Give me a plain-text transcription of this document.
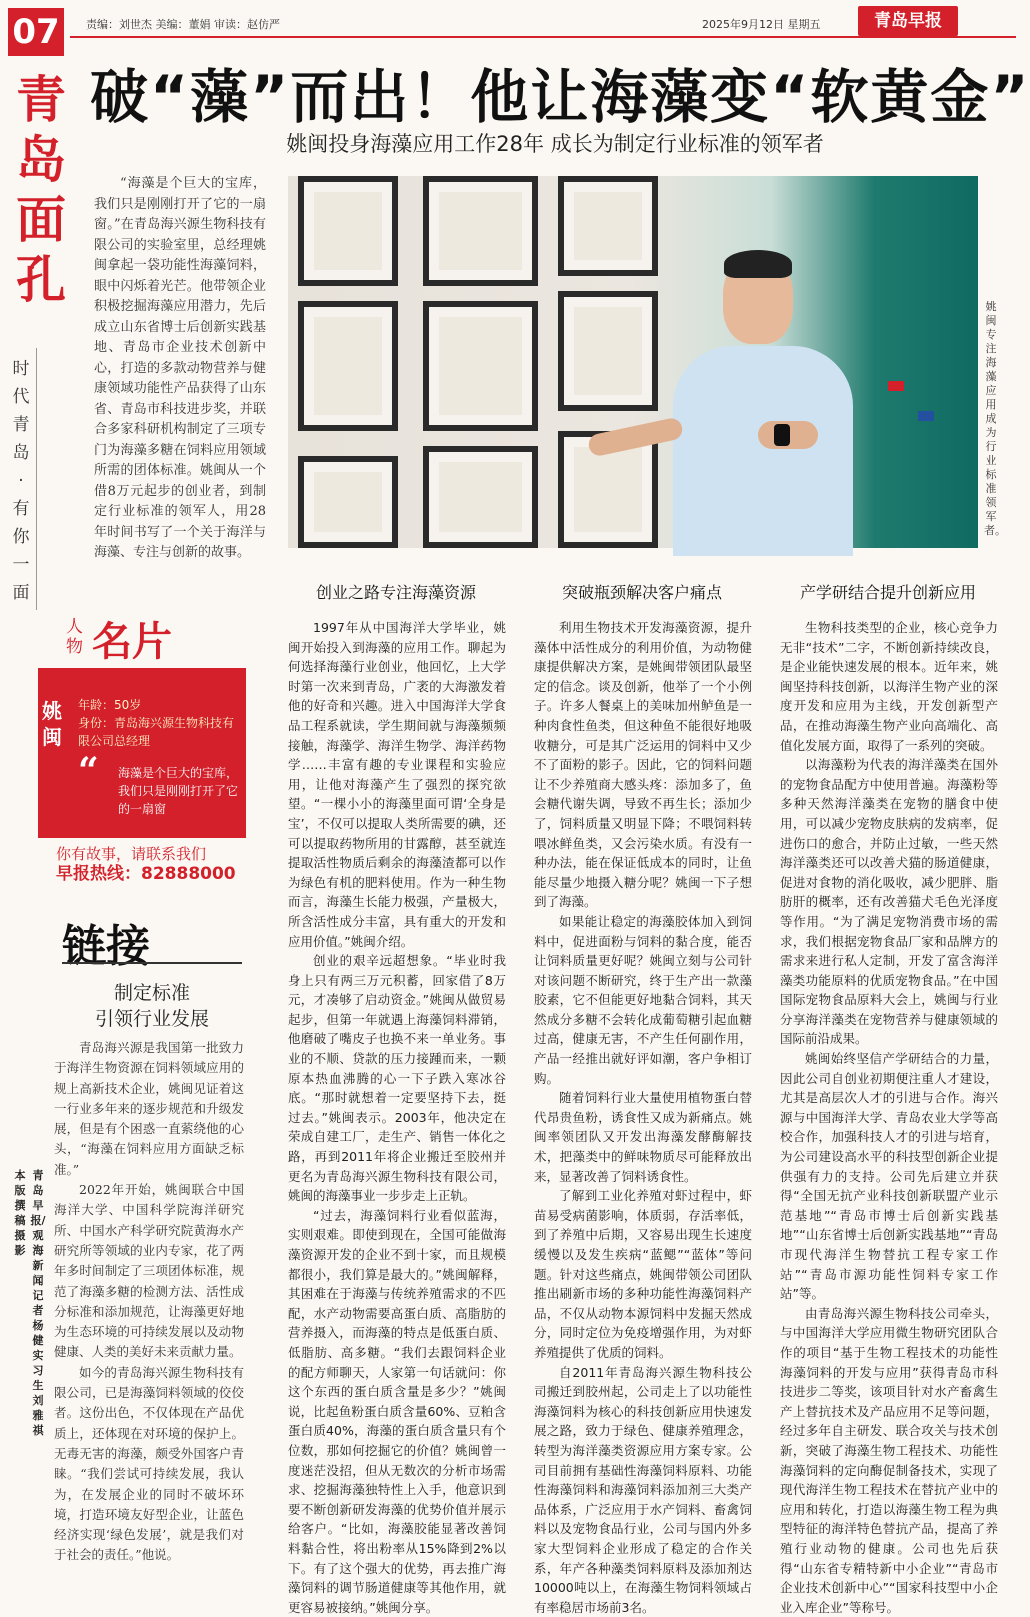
07	责编：刘世杰 美编：董娟 审读：赵仿严	2025年9月12日 星期五	青岛早报
青
岛
面
孔
时
代
青
岛
·
有
你
一
面
破“藻”而出！他让海藻变“软黄金”
姚闽投身海藻应用工作28年 成长为制定行业标准的领军者

“海藻是个巨大的宝库，我们只是刚刚打开了它的一扇窗。”在青岛海兴源生物科技有限公司的实验室里，总经理姚闽拿起一袋功能性海藻饲料，眼中闪烁着光芒。他带领企业积极挖掘海藻应用潜力，先后成立山东省博士后创新实践基地、青岛市企业技术创新中心，打造的多款动物营养与健康领域功能性产品获得了山东省、青岛市科技进步奖，并联合多家科研机构制定了三项专门为海藻多糖在饲料应用领域所需的团体标准。姚闽从一个借8万元起步的创业者，到制定行业标准的领军人，用28年时间书写了一个关于海洋与海藻、专注与创新的故事。

姚闽专注海藻应用成为行业标准领军者。
创业之路专注海藻资源	突破瓶颈解决客户痛点	产学研结合提升创新应用

1997年从中国海洋大学毕业，姚闽开始投入到海藻的应用工作。聊起为何选择海藻行业创业，他回忆，上大学时第一次来到青岛，广袤的大海激发着他的好奇和兴趣。进入中国海洋大学食品工程系就读，学生期间就与海藻频频接触，海藻学、海洋生物学、海洋药物学……丰富有趣的专业课程和实验应用，让他对海藻产生了强烈的探究欲望。“一棵小小的海藻里面可谓‘全身是宝’，不仅可以提取人类所需要的碘，还可以提取药物所用的甘露醇，甚至就连提取活性物质后剩余的海藻渣都可以作为绿色有机的肥料使用。作为一种生物而言，海藻生长能力极强，产量极大，所含活性成分丰富，具有重大的开发和应用价值。”姚闽介绍。

创业的艰辛远超想象。“毕业时我身上只有两三万元积蓄，回家借了8万元，才凑够了启动资金。”姚闽从做贸易起步，但第一年就遇上海藻饲料滞销，他磨破了嘴皮子也换不来一单业务。事业的不顺、贷款的压力接踵而来，一颗原本热血沸腾的心一下子跌入寒冰谷底。“那时就想着一定要坚持下去，挺过去。”姚闽表示。2003年，他决定在荣成自建工厂，走生产、销售一体化之路，再到2011年将企业搬迁至胶州并更名为青岛海兴源生物科技有限公司，姚闽的海藻事业一步步走上正轨。

“过去，海藻饲料行业看似蓝海，实则艰难。即使到现在，全国可能做海藻资源开发的企业不到十家，而且规模都很小，我们算是最大的。”姚闽解释，其困难在于海藻与传统养殖需求的不匹配，水产动物需要高蛋白质、高脂肪的营养摄入，而海藻的特点是低蛋白质、低脂肪、高多糖。“我们去跟饲料企业的配方师聊天，人家第一句话就问：你这个东西的蛋白质含量是多少？”姚闽说，比起鱼粉蛋白质含量60%、豆粕含蛋白质40%，海藻的蛋白质含量只有个位数，那如何挖掘它的价值？姚闽曾一度迷茫没招，但从无数次的分析市场需求、挖掘海藻独特性上入手，他意识到要不断创新研发海藻的优势价值并展示给客户。“比如，海藻胶能显著改善饲料黏合性，将出粉率从15%降到2%以下。有了这个强大的优势，再去推广海藻饲料的调节肠道健康等其他作用，就更容易被接纳。”姚闽分享。

利用生物技术开发海藻资源，提升藻体中活性成分的利用价值，为动物健康提供解决方案，是姚闽带领团队最坚定的信念。谈及创新，他举了一个小例子。许多人餐桌上的美味加州鲈鱼是一种肉食性鱼类，但这种鱼不能很好地吸收糖分，可是其广泛运用的饲料中又少不了面粉的影子。因此，它的饲料问题让不少养殖商大感头疼：添加多了，鱼会糖代谢失调，导致不再生长；添加少了，饲料质量又明显下降；不喂饲料转喂冰鲜鱼类，又会污染水质。有没有一种办法，能在保证低成本的同时，让鱼能尽量少地摄入糖分呢？姚闽一下子想到了海藻。

如果能让稳定的海藻胶体加入到饲料中，促进面粉与饲料的黏合度，能否让饲料质量更好呢？姚闽立刻与公司针对该问题不断研究，终于生产出一款藻胶素，它不但能更好地黏合饲料，其天然成分多糖不会转化成葡萄糖引起血糖过高，健康无害，不产生任何副作用，产品一经推出就好评如潮，客户争相订购。

随着饲料行业大量使用植物蛋白替代昂贵鱼粉，诱食性又成为新痛点。姚闽率领团队又开发出海藻发酵酶解技术，把藻类中的鲜味物质尽可能释放出来，显著改善了饲料诱食性。

了解到工业化养殖对虾过程中，虾苗易受病菌影响，体质弱，存活率低，到了养殖中后期，又容易出现生长速度缓慢以及发生疾病“蓝鳃”“蓝体”等问题。针对这些痛点，姚闽带领公司团队推出刷新市场的多种功能性海藻饲料产品，不仅从动物本源饲料中发掘天然成分，同时定位为免疫增强作用，为对虾养殖提供了优质的饲料。

自2011年青岛海兴源生物科技公司搬迁到胶州起，公司走上了以功能性海藻饲料为核心的科技创新应用快速发展之路，致力于绿色、健康养殖理念，转型为海洋藻类资源应用方案专家。公司目前拥有基础性海藻饲料原料、功能性海藻饲料和海藻饲料添加剂三大类产品体系，广泛应用于水产饲料、畜禽饲料以及宠物食品行业，公司与国内外多家大型饲料企业形成了稳定的合作关系，年产各种藻类饲料原料及添加剂达10000吨以上，在海藻生物饲料领域占有率稳居市场前3名。

生物科技类型的企业，核心竞争力无非“技术”二字，不断创新持续改良，是企业能快速发展的根本。近年来，姚闽坚持科技创新，以海洋生物产业的深度开发和应用为主线，开发创新型产品，在推动海藻生物产业向高端化、高值化发展方面，取得了一系列的突破。

以海藻粉为代表的海洋藻类在国外的宠物食品配方中使用普遍。海藻粉等多种天然海洋藻类在宠物的膳食中使用，可以减少宠物皮肤病的发病率，促进伤口的愈合，并防止过敏，一些天然海洋藻类还可以改善犬猫的肠道健康，促进对食物的消化吸收，减少肥胖、脂肪肝的概率，还有改善猫犬毛色光泽度等作用。“为了满足宠物消费市场的需求，我们根据宠物食品厂家和品牌方的需求来进行私人定制，开发了富含海洋藻类功能原料的优质宠物食品。”在中国国际宠物食品原料大会上，姚闽与行业分享海洋藻类在宠物营养与健康领域的国际前沿成果。

姚闽始终坚信产学研结合的力量，因此公司自创业初期便注重人才建设，尤其是高层次人才的引进与合作。海兴源与中国海洋大学、青岛农业大学等高校合作，加强科技人才的引进与培育，为公司建设高水平的科技型创新企业提供强有力的支持。公司先后建立并获得“全国无抗产业科技创新联盟产业示范基地”“青岛市博士后创新实践基地”“山东省博士后创新实践基地”“青岛市现代海洋生物替抗工程专家工作站”“青岛市源功能性饲料专家工作站”等。

由青岛海兴源生物科技公司牵头，与中国海洋大学应用微生物研究团队合作的项目“基于生物工程技术的功能性海藻饲料的开发与应用”获得青岛市科技进步二等奖，该项目针对水产畜禽生产上替抗技术及产品应用不足等问题，经过多年自主研发、联合攻关与技术创新，突破了海藻生物工程技术、功能性海藻饲料的定向酶促制备技术，实现了现代海洋生物工程技术在替抗产业中的应用和转化，打造以海藻生物工程为典型特征的海洋特色替抗产品，提高了养殖行业动物的健康。公司也先后获得“山东省专精特新中小企业”“青岛市企业技术创新中心”“国家科技型中小企业入库企业”等称号。

人物 名片
姚闽
年龄：50岁
身份：青岛海兴源生物科技有限公司总经理
“ 海藻是个巨大的宝库，我们只是刚刚打开了它的一扇窗
你有故事，请联系我们
早报热线：82888000
链接
制定标准
引领行业发展

青岛海兴源是我国第一批致力于海洋生物资源在饲料领域应用的规上高新技术企业，姚闽见证着这一行业多年来的逐步规范和升级发展，但是有个困惑一直萦绕他的心头，“海藻在饲料应用方面缺乏标准。”

2022年开始，姚闽联合中国海洋大学、中国科学院海洋研究所、中国水产科学研究院黄海水产研究所等领域的业内专家，花了两年多时间制定了三项团体标准，规范了海藻多糖的检测方法、活性成分标准和添加规范，让海藻更好地为生态环境的可持续发展以及动物健康、人类的美好未来贡献力量。

如今的青岛海兴源生物科技有限公司，已是海藻饲料领域的佼佼者。这份出色，不仅体现在产品优质上，还体现在对环境的保护上。无毒无害的海藻，颇受外国客户青睐。“我们尝试可持续发展，我认为，在发展企业的同时不破坏环境，打造环境友好型企业，让蓝色经济实现‘绿色发展’，就是我们对于社会的责任。”他说。

本版撰稿摄影
青岛早报/观海新闻记者 杨健 实习生 刘雅祺
